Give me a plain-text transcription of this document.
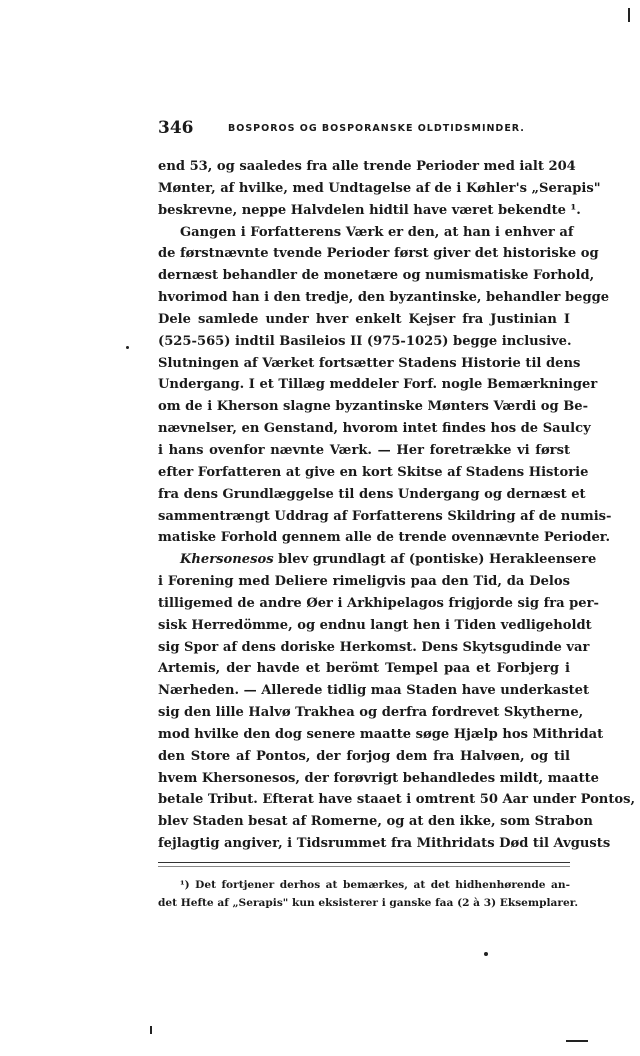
346	BOSPOROS OG BOSPORANSKE OLDTIDSMINDER.
end 53, og saaledes fra alle trende Perioder med ialt 204
Mønter, af hvilke, med Undtagelse af de i Køhler's „Serapis"
beskrevne, neppe Halvdelen hidtil have været bekendte ¹.
Gangen i Forfatterens Værk er den, at han i enhver af
de førstnævnte tvende Perioder først giver det historiske og
dernæst behandler de monetære og numismatiske Forhold,
hvorimod han i den tredje, den byzantinske, behandler begge
Dele samlede under hver enkelt Kejser fra Justinian I
(525-565) indtil Basileios II (975-1025) begge inclusive.
Slutningen af Værket fortsætter Stadens Historie til dens
Undergang. I et Tillæg meddeler Forf. nogle Bemærkninger
om de i Kherson slagne byzantinske Mønters Værdi og Be-
nævnelser, en Genstand, hvorom intet findes hos de Saulcy
i hans ovenfor nævnte Værk. — Her foretrække vi først
efter Forfatteren at give en kort Skitse af Stadens Historie
fra dens Grundlæggelse til dens Undergang og dernæst et
sammentrængt Uddrag af Forfatterens Skildring af de numis-
matiske Forhold gennem alle de trende ovennævnte Perioder.
Khersonesos blev grundlagt af (pontiske) Herakleensere
i Forening med Deliere rimeligvis paa den Tid, da Delos
tilligemed de andre Øer i Arkhipelagos frigjorde sig fra per-
sisk Herredömme, og endnu langt hen i Tiden vedligeholdt
sig Spor af dens doriske Herkomst. Dens Skytsgudinde var
Artemis, der havde et berömt Tempel paa et Forbjerg i
Nærheden. — Allerede tidlig maa Staden have underkastet
sig den lille Halvø Trakhea og derfra fordrevet Skytherne,
mod hvilke den dog senere maatte søge Hjælp hos Mithridat
den Store af Pontos, der forjog dem fra Halvøen, og til
hvem Khersonesos, der forøvrigt behandledes mildt, maatte
betale Tribut. Efterat have staaet i omtrent 50 Aar under Pontos,
blev Staden besat af Romerne, og at den ikke, som Strabon
fejlagtig angiver, i Tidsrummet fra Mithridats Død til Avgusts
¹) Det fortjener derhos at bemærkes, at det hidhenhørende an-
det Hefte af „Serapis" kun eksisterer i ganske faa (2 à 3) Eksemplarer.
